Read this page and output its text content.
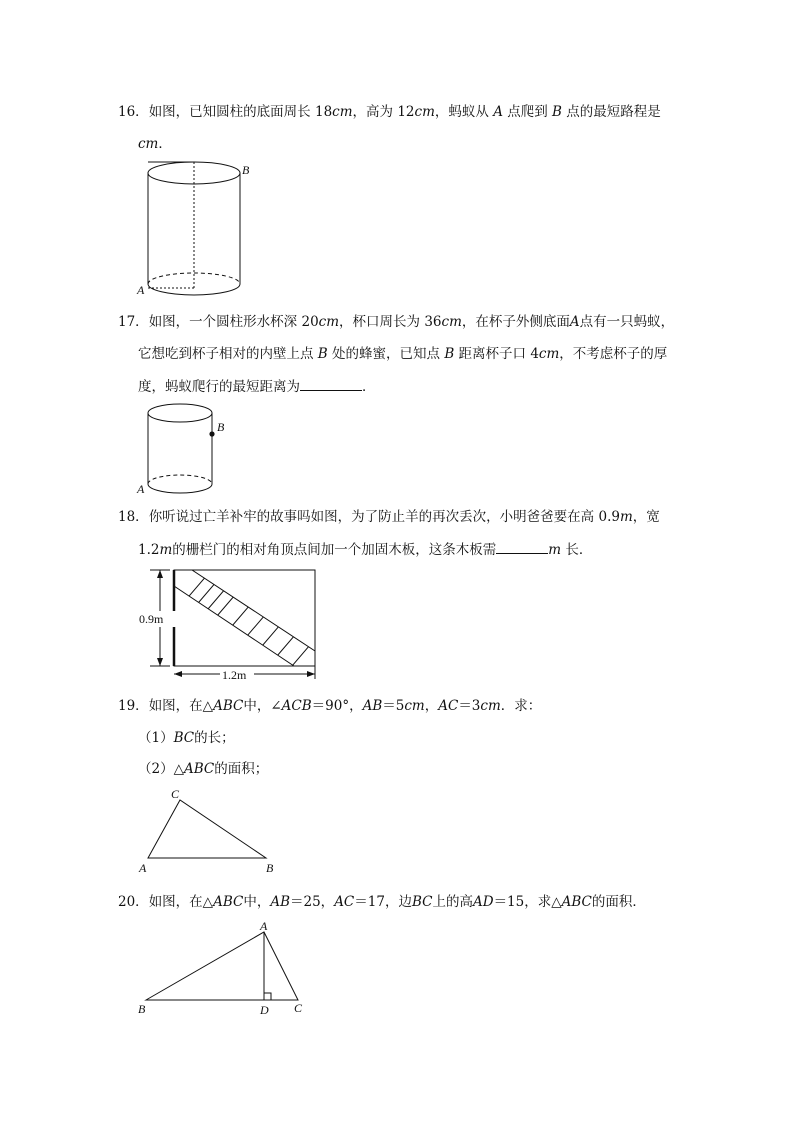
16．如图，已知圆柱的底面周长 18cm，高为 12cm，蚂蚁从 A 点爬到 B 点的最短路程是
cm．
B
A
17．如图，一个圆柱形水杯深 20cm，杯口周长为 36cm，在杯子外侧底面A点有一只蚂蚁，
它想吃到杯子相对的内壁上点 B 处的蜂蜜，已知点 B 距离杯子口 4cm，不考虑杯子的厚
度，蚂蚁爬行的最短距离为	．
B
A
18．你听说过亡羊补牢的故事吗如图，为了防止羊的再次丢次，小明爸爸要在高 0.9m，宽
1.2m的栅栏门的相对角顶点间加一个加固木板，这条木板需	m 长．
0.9m
1.2m
19．如图，在△ABC中，∠ACB＝90°，AB＝5cm，AC＝3cm．求：
（1）BC的长；
（2）△ABC的面积；
C
A	B
20．如图，在△ABC中，AB＝25，AC＝17，边BC上的高AD＝15，求△ABC的面积．
A
B	D C
